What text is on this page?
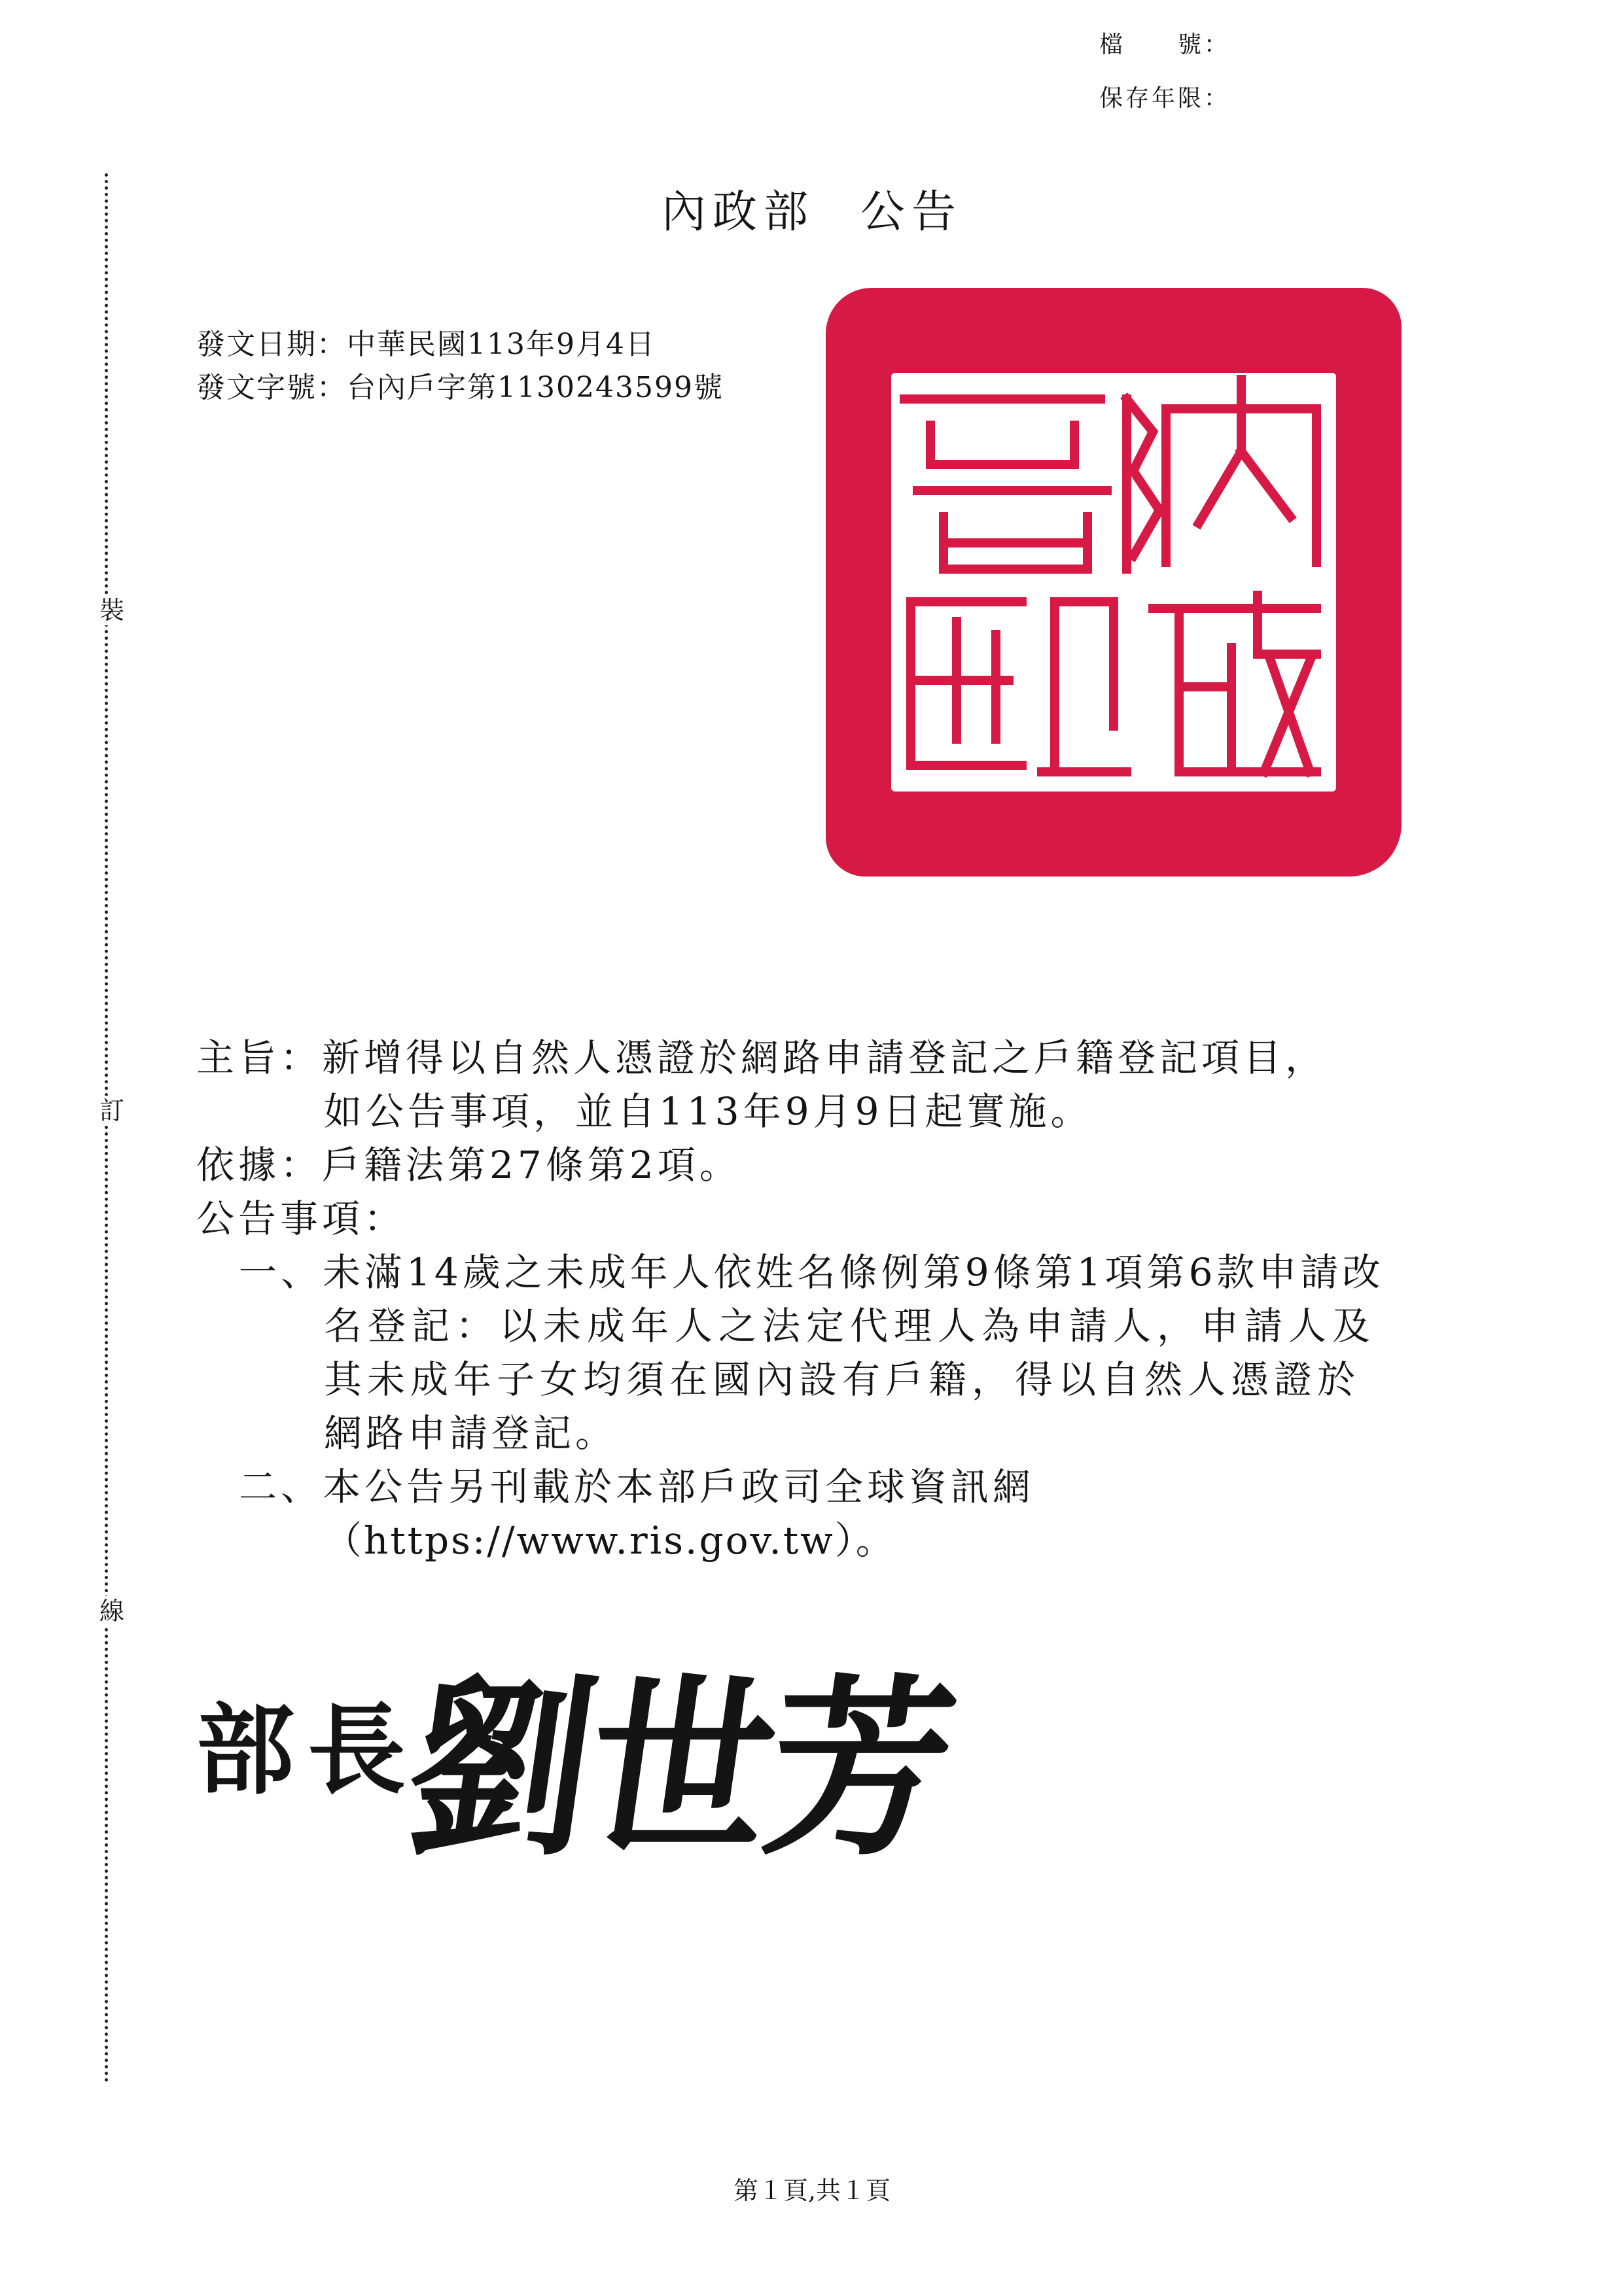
檔　　號：
保存年限：
裝
訂
線
內政部 公告
發文日期：中華民國113年9月4日
發文字號：台內戶字第1130243599號
主旨：新增得以自然人憑證於網路申請登記之戶籍登記項目，
如公告事項，並自113年9月9日起實施。
依據：戶籍法第27條第2項。
公告事項：
一、未滿14歲之未成年人依姓名條例第9條第1項第6款申請改
名登記：以未成年人之法定代理人為申請人，申請人及
其未成年子女均須在國內設有戶籍，得以自然人憑證於
網路申請登記。
二、本公告另刊載於本部戶政司全球資訊網
（https://www.ris.gov.tw）。
部長
劉世芳
第１頁,共１頁
